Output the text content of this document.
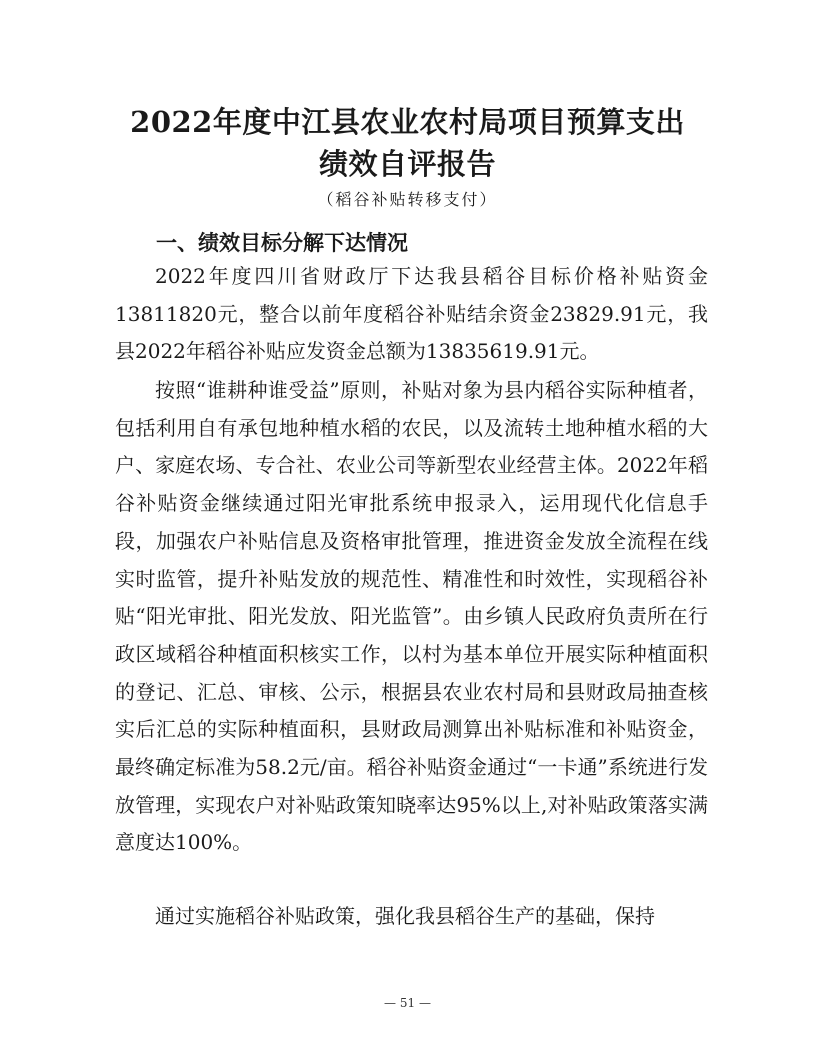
2022年度中江县农业农村局项目预算支出
绩效自评报告
（稻谷补贴转移支付）
一、绩效目标分解下达情况
2022年度四川省财政厅下达我县稻谷目标价格补贴资金13811820元，整合以前年度稻谷补贴结余资金23829.91元，我县2022年稻谷补贴应发资金总额为13835619.91元。
按照“谁耕种谁受益”原则，补贴对象为县内稻谷实际种植者，包括利用自有承包地种植水稻的农民，以及流转土地种植水稻的大户、家庭农场、专合社、农业公司等新型农业经营主体。2022年稻谷补贴资金继续通过阳光审批系统申报录入，运用现代化信息手段，加强农户补贴信息及资格审批管理，推进资金发放全流程在线实时监管，提升补贴发放的规范性、精准性和时效性，实现稻谷补贴“阳光审批、阳光发放、阳光监管”。由乡镇人民政府负责所在行政区域稻谷种植面积核实工作，以村为基本单位开展实际种植面积的登记、汇总、审核、公示，根据县农业农村局和县财政局抽查核实后汇总的实际种植面积，县财政局测算出补贴标准和补贴资金，最终确定标准为58.2元/亩。稻谷补贴资金通过“一卡通”系统进行发放管理，实现农户对补贴政策知晓率达95%以上,对补贴政策落实满意度达100%。
通过实施稻谷补贴政策，强化我县稻谷生产的基础，保持
— 51 —
